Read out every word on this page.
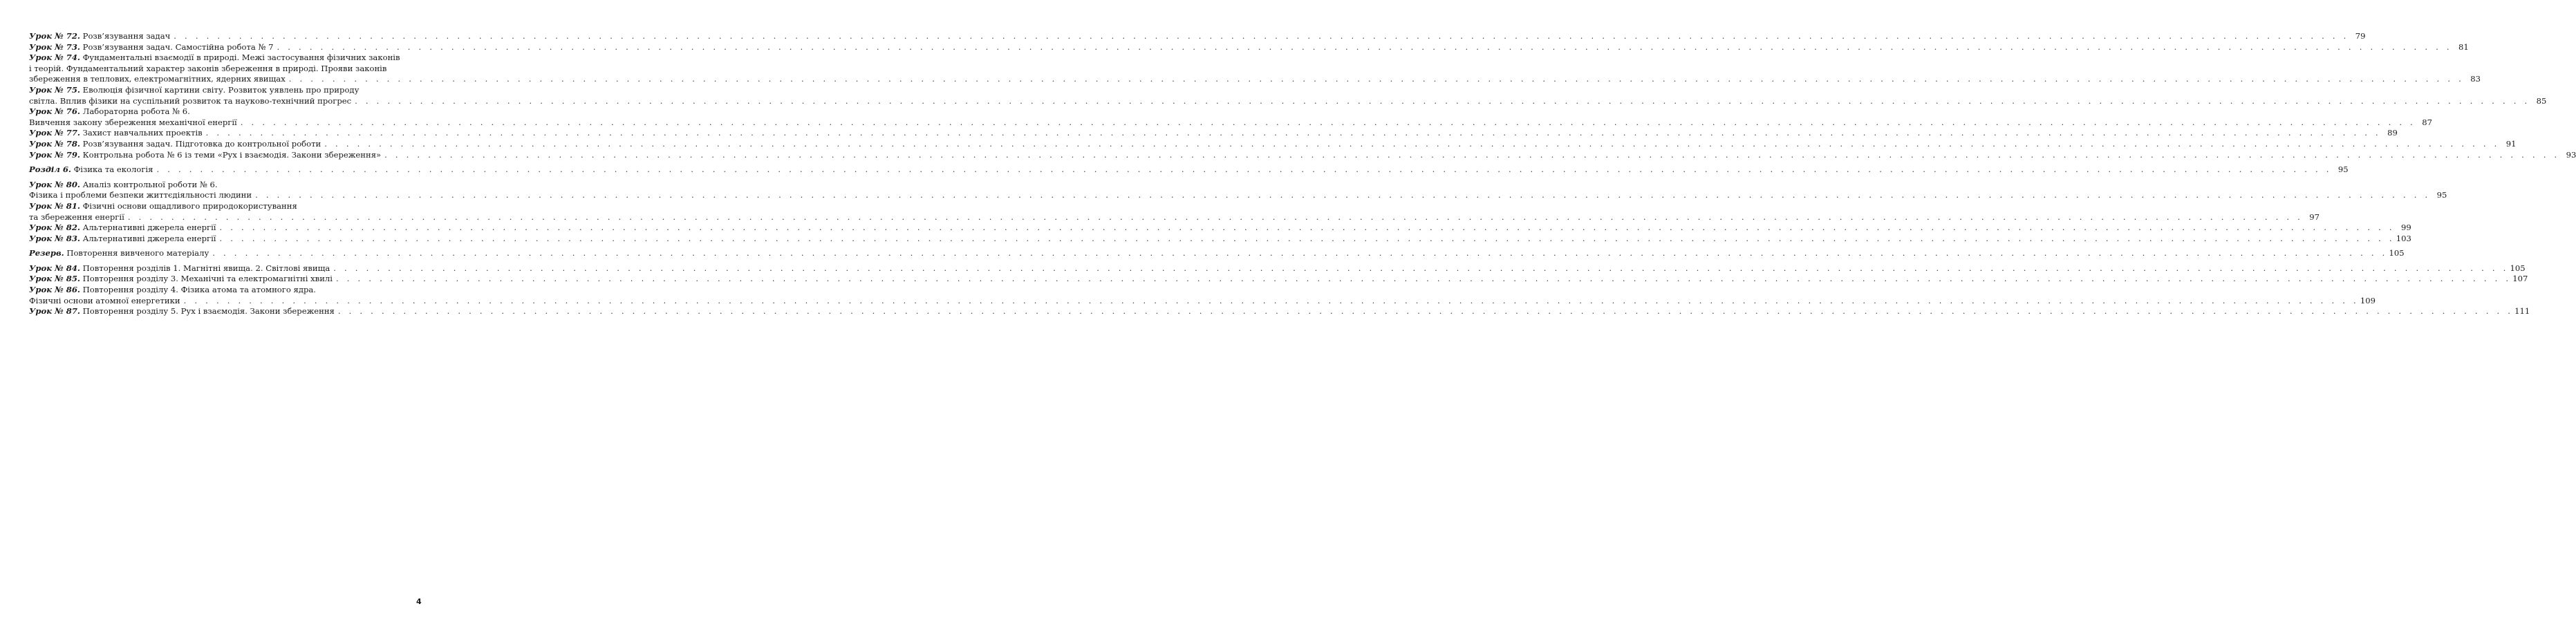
Урок № 72. Розв’язування задач . . . . . . . . . . . . . . . . . . . . . . . . . . . . . . . . . . . . . . . . . . . . . . . . . . . . . . . . . . . . . . . . . . . . . . . . . . . . . . . . . . . . . . . . . . . . . . . . . . . . . . . . . . . . . . . . . . . . . . . . . . . . . . . . . . . . . . . . . . . . . . . . . . . . . . . . . . . . . . . . . . . . . . . . . . . . . . . . . . . . . . . . . . . . . . . . . . . . . . . . 79
Урок № 73. Розв’язування задач. Самостійна робота № 7 . . . . . . . . . . . . . . . . . . . . . . . . . . . . . . . . . . . . . . . . . . . . . . . . . . . . . . . . . . . . . . . . . . . . . . . . . . . . . . . . . . . . . . . . . . . . . . . . . . . . . . . . . . . . . . . . . . . . . . . . . . . . . . . . . . . . . . . . . . . . . . . . . . . . . . . . . . . . . . . . . . . . . . . . . . . . . . . . . . . . . . . . . . . . . . . . . . . . . . . . 81
Урок № 74. Фундаментальні взаємодії в природі. Межі застосування фізичних законів
і теорій. Фундаментальний характер законів збереження в природі. Прояви законів
збереження в теплових, електромагнітних, ядерних явищах . . . . . . . . . . . . . . . . . . . . . . . . . . . . . . . . . . . . . . . . . . . . . . . . . . . . . . . . . . . . . . . . . . . . . . . . . . . . . . . . . . . . . . . . . . . . . . . . . . . . . . . . . . . . . . . . . . . . . . . . . . . . . . . . . . . . . . . . . . . . . . . . . . . . . . . . . . . . . . . . . . . . . . . . . . . . . . . . . . . . . . . . . . . . . . . . . . . . . . . . 83
Урок № 75. Еволюція фізичної картини світу. Розвиток уявлень про природу
світла. Вплив фізики на суспільний розвиток та науково-технічний прогрес . . . . . . . . . . . . . . . . . . . . . . . . . . . . . . . . . . . . . . . . . . . . . . . . . . . . . . . . . . . . . . . . . . . . . . . . . . . . . . . . . . . . . . . . . . . . . . . . . . . . . . . . . . . . . . . . . . . . . . . . . . . . . . . . . . . . . . . . . . . . . . . . . . . . . . . . . . . . . . . . . . . . . . . . . . . . . . . . . . . . . . . . . . . . . . . . . . . . . . . . 85
Урок № 76. Лабораторна робота № 6.
Вивчення закону збереження механічної енергії . . . . . . . . . . . . . . . . . . . . . . . . . . . . . . . . . . . . . . . . . . . . . . . . . . . . . . . . . . . . . . . . . . . . . . . . . . . . . . . . . . . . . . . . . . . . . . . . . . . . . . . . . . . . . . . . . . . . . . . . . . . . . . . . . . . . . . . . . . . . . . . . . . . . . . . . . . . . . . . . . . . . . . . . . . . . . . . . . . . . . . . . . . . . . . . . . . . . . . . . 87
Урок № 77. Захист навчальних проектів . . . . . . . . . . . . . . . . . . . . . . . . . . . . . . . . . . . . . . . . . . . . . . . . . . . . . . . . . . . . . . . . . . . . . . . . . . . . . . . . . . . . . . . . . . . . . . . . . . . . . . . . . . . . . . . . . . . . . . . . . . . . . . . . . . . . . . . . . . . . . . . . . . . . . . . . . . . . . . . . . . . . . . . . . . . . . . . . . . . . . . . . . . . . . . . . . . . . . . . . 89
Урок № 78. Розв’язування задач. Підготовка до контрольної роботи . . . . . . . . . . . . . . . . . . . . . . . . . . . . . . . . . . . . . . . . . . . . . . . . . . . . . . . . . . . . . . . . . . . . . . . . . . . . . . . . . . . . . . . . . . . . . . . . . . . . . . . . . . . . . . . . . . . . . . . . . . . . . . . . . . . . . . . . . . . . . . . . . . . . . . . . . . . . . . . . . . . . . . . . . . . . . . . . . . . . . . . . . . . . . . . . . . . . . . . . 91
Урок № 79. Контрольна робота № 6 із теми «Рух і взаємодія. Закони збереження» . . . . . . . . . . . . . . . . . . . . . . . . . . . . . . . . . . . . . . . . . . . . . . . . . . . . . . . . . . . . . . . . . . . . . . . . . . . . . . . . . . . . . . . . . . . . . . . . . . . . . . . . . . . . . . . . . . . . . . . . . . . . . . . . . . . . . . . . . . . . . . . . . . . . . . . . . . . . . . . . . . . . . . . . . . . . . . . . . . . . . . . . . . . . . . . . . . . . . . . . 93
Розділ 6. Фізика та екологія . . . . . . . . . . . . . . . . . . . . . . . . . . . . . . . . . . . . . . . . . . . . . . . . . . . . . . . . . . . . . . . . . . . . . . . . . . . . . . . . . . . . . . . . . . . . . . . . . . . . . . . . . . . . . . . . . . . . . . . . . . . . . . . . . . . . . . . . . . . . . . . . . . . . . . . . . . . . . . . . . . . . . . . . . . . . . . . . . . . . . . . . . . . . . . . . . . . . . . . . 95
Урок № 80. Аналіз контрольної роботи № 6.
Фізика і проблеми безпеки життєдіяльності людини . . . . . . . . . . . . . . . . . . . . . . . . . . . . . . . . . . . . . . . . . . . . . . . . . . . . . . . . . . . . . . . . . . . . . . . . . . . . . . . . . . . . . . . . . . . . . . . . . . . . . . . . . . . . . . . . . . . . . . . . . . . . . . . . . . . . . . . . . . . . . . . . . . . . . . . . . . . . . . . . . . . . . . . . . . . . . . . . . . . . . . . . . . . . . . . . . . . . . . . . 95
Урок № 81. Фізичні основи ощадливого природокористування
та збереження енергії . . . . . . . . . . . . . . . . . . . . . . . . . . . . . . . . . . . . . . . . . . . . . . . . . . . . . . . . . . . . . . . . . . . . . . . . . . . . . . . . . . . . . . . . . . . . . . . . . . . . . . . . . . . . . . . . . . . . . . . . . . . . . . . . . . . . . . . . . . . . . . . . . . . . . . . . . . . . . . . . . . . . . . . . . . . . . . . . . . . . . . . . . . . . . . . . . . . . . . . . 97
Урок № 82. Альтернативні джерела енергії . . . . . . . . . . . . . . . . . . . . . . . . . . . . . . . . . . . . . . . . . . . . . . . . . . . . . . . . . . . . . . . . . . . . . . . . . . . . . . . . . . . . . . . . . . . . . . . . . . . . . . . . . . . . . . . . . . . . . . . . . . . . . . . . . . . . . . . . . . . . . . . . . . . . . . . . . . . . . . . . . . . . . . . . . . . . . . . . . . . . . . . . . . . . . . . . . . . . . . . . 99
Урок № 83. Альтернативні джерела енергії . . . . . . . . . . . . . . . . . . . . . . . . . . . . . . . . . . . . . . . . . . . . . . . . . . . . . . . . . . . . . . . . . . . . . . . . . . . . . . . . . . . . . . . . . . . . . . . . . . . . . . . . . . . . . . . . . . . . . . . . . . . . . . . . . . . . . . . . . . . . . . . . . . . . . . . . . . . . . . . . . . . . . . . . . . . . . . . . . . . . . . . . . . . . . . . . . . . . . . . . 103
Резерв. Повторення вивченого матеріалу . . . . . . . . . . . . . . . . . . . . . . . . . . . . . . . . . . . . . . . . . . . . . . . . . . . . . . . . . . . . . . . . . . . . . . . . . . . . . . . . . . . . . . . . . . . . . . . . . . . . . . . . . . . . . . . . . . . . . . . . . . . . . . . . . . . . . . . . . . . . . . . . . . . . . . . . . . . . . . . . . . . . . . . . . . . . . . . . . . . . . . . . . . . . . . . . . . . . . . . . 105
Урок № 84. Повторення розділів 1. Магнітні явища. 2. Світлові явища . . . . . . . . . . . . . . . . . . . . . . . . . . . . . . . . . . . . . . . . . . . . . . . . . . . . . . . . . . . . . . . . . . . . . . . . . . . . . . . . . . . . . . . . . . . . . . . . . . . . . . . . . . . . . . . . . . . . . . . . . . . . . . . . . . . . . . . . . . . . . . . . . . . . . . . . . . . . . . . . . . . . . . . . . . . . . . . . . . . . . . . . . . . . . . . . . . . . . . . . 105
Урок № 85. Повторення розділу 3. Механічні та електромагнітні хвилі . . . . . . . . . . . . . . . . . . . . . . . . . . . . . . . . . . . . . . . . . . . . . . . . . . . . . . . . . . . . . . . . . . . . . . . . . . . . . . . . . . . . . . . . . . . . . . . . . . . . . . . . . . . . . . . . . . . . . . . . . . . . . . . . . . . . . . . . . . . . . . . . . . . . . . . . . . . . . . . . . . . . . . . . . . . . . . . . . . . . . . . . . . . . . . . . . . . . . . . . 107
Урок № 86. Повторення розділу 4. Фізика атома та атомного ядра.
Фізичні основи атомної енергетики . . . . . . . . . . . . . . . . . . . . . . . . . . . . . . . . . . . . . . . . . . . . . . . . . . . . . . . . . . . . . . . . . . . . . . . . . . . . . . . . . . . . . . . . . . . . . . . . . . . . . . . . . . . . . . . . . . . . . . . . . . . . . . . . . . . . . . . . . . . . . . . . . . . . . . . . . . . . . . . . . . . . . . . . . . . . . . . . . . . . . . . . . . . . . . . . . . . . . . . . 109
Урок № 87. Повторення розділу 5. Рух і взаємодія. Закони збереження . . . . . . . . . . . . . . . . . . . . . . . . . . . . . . . . . . . . . . . . . . . . . . . . . . . . . . . . . . . . . . . . . . . . . . . . . . . . . . . . . . . . . . . . . . . . . . . . . . . . . . . . . . . . . . . . . . . . . . . . . . . . . . . . . . . . . . . . . . . . . . . . . . . . . . . . . . . . . . . . . . . . . . . . . . . . . . . . . . . . . . . . . . . . . . . . . . . . . . . . 111
4
